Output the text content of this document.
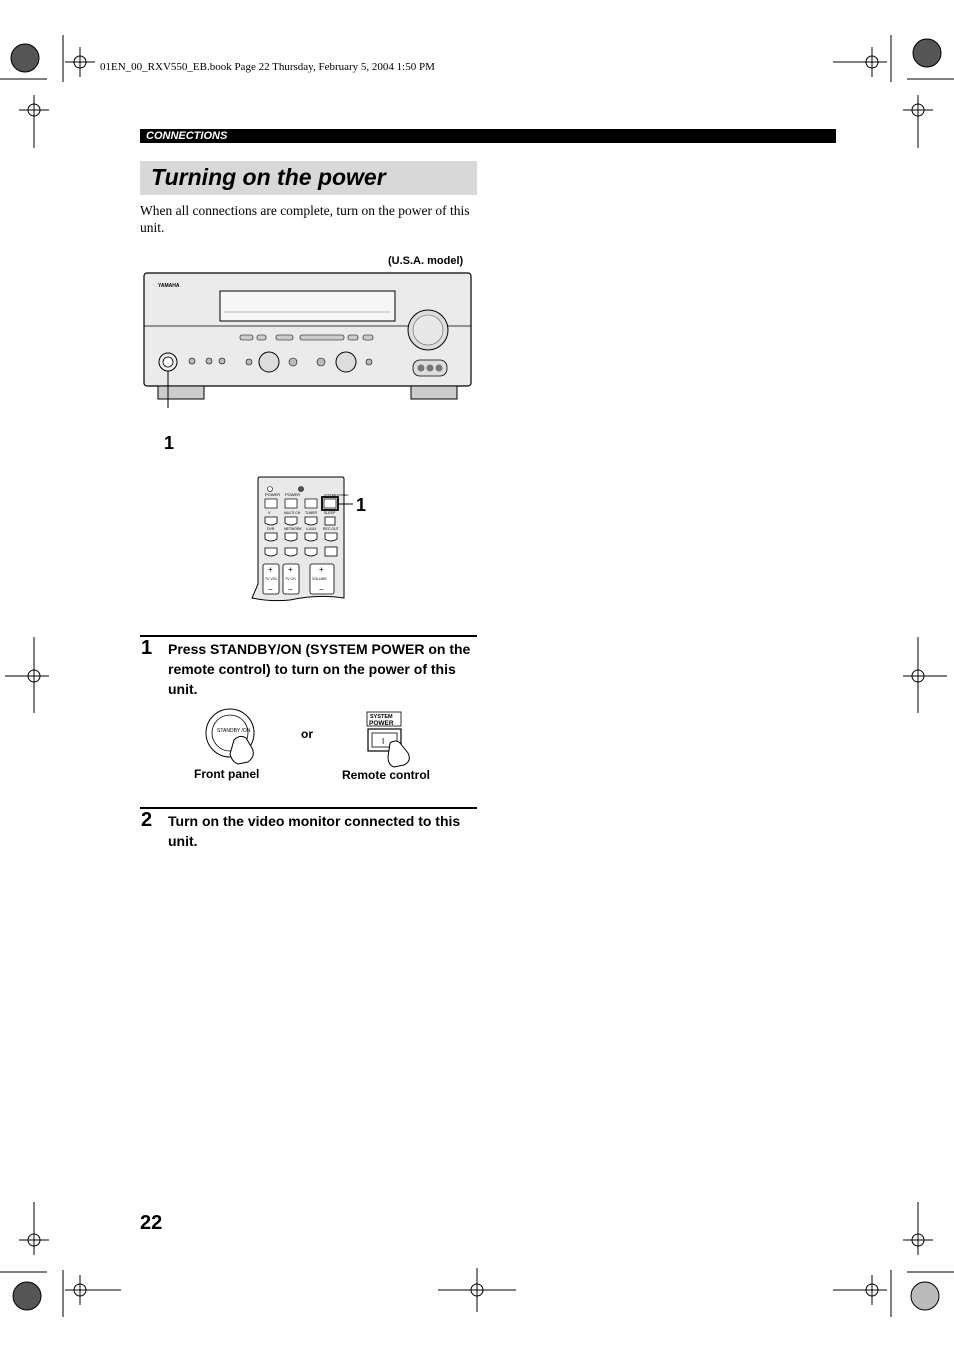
01EN_00_RXV550_EB.book Page 22 Thursday, February 5, 2004 1:50 PM
CONNECTIONS
Turning on the power
When all connections are complete, turn on the power of this unit.
(U.S.A. model)
YAMAHA
1
POWER POWER	SYSTEM POWER
V	MULTI CH TUNER SLEEP
DVR	NETWORK V-AUX REC OUT
+ +	+
− −	−
TV VOL TV CH	VOLUME
1
1 Press STANDBY/ON (SYSTEM POWER on the remote control) to turn on the power of this unit.
STANDBY /ON	or
SYSTEM
POWER
I
Front panel	Remote control
2 Turn on the video monitor connected to this unit.
22
